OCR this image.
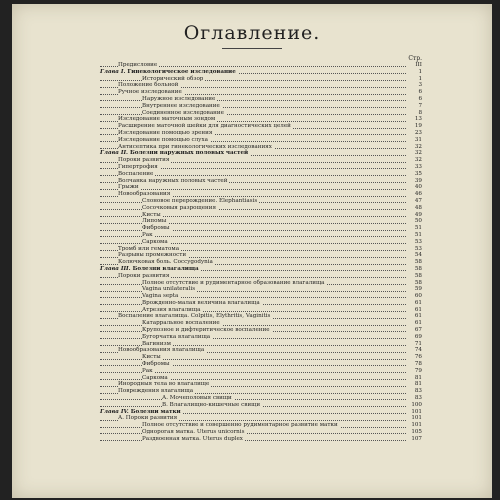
Оглавление.
Стр.
Предисловие	III
Глава I. Гинекологическое изследование	1
Исторический обзор	1
Положение больной	3
Ручное изследование	6
Наружное изследование	6
Внутреннее изследование	7
Соединенное изследование	8
Изследование маточным зондом	13
Расширение маточной шейки для диагностических целей	19
Изследование помощью зрения	23
Изследование помощью слуха	31
Антисептика при гинекологических изследованиях	32
Глава II. Болезни наружных половых частей	32
Пороки развития	32
Гипертрофия	33
Воспаление	35
Волчанка наружных половых частей	39
Грыжи	40
Новообразования	46
Слоновое перерождение. Elephantiasis	47
Сосочковыя разрощения	48
Кисты	49
Липомы	50
Фибромы	51
Рак	51
Саркома	53
Тромб или гематома	53
Разрывы промежности	54
Колючковая боль. Coccygodynia	58
Глава III. Болезни влагалища	58
Пороки развития	58
Полное отсутствие и рудиментарное образование влагалища	58
Vagina unilateralis	59
Vagina septa	60
Врожденно-малая величина влагалища	61
Атрезия влагалища	61
Воспаление влагалища. Colpitis, Elythritis, Vaginitis	61
Катарральное воспаление	61
Крупозное и дифтеритическое воспаление	67
Бугорчатка влагалища	69
Вагинизм	71
Новообразования влагалища	74
Кисты	76
Фибромы	78
Рак	79
Саркома	81
Инородныя тела во влагалище	81
Повреждения влагалища	83
А. Мочеполовыя свищи	83
В. Влагалищно-кишечные свищи	100
Глава IV. Болезни матки	101
А. Пороки развития	101
Полное отсутствие и совершенно рудиментарное развитие матки	101
Однорогая матка. Uterus unicornis	105
Раздвоенная матка. Uterus duplex	107
